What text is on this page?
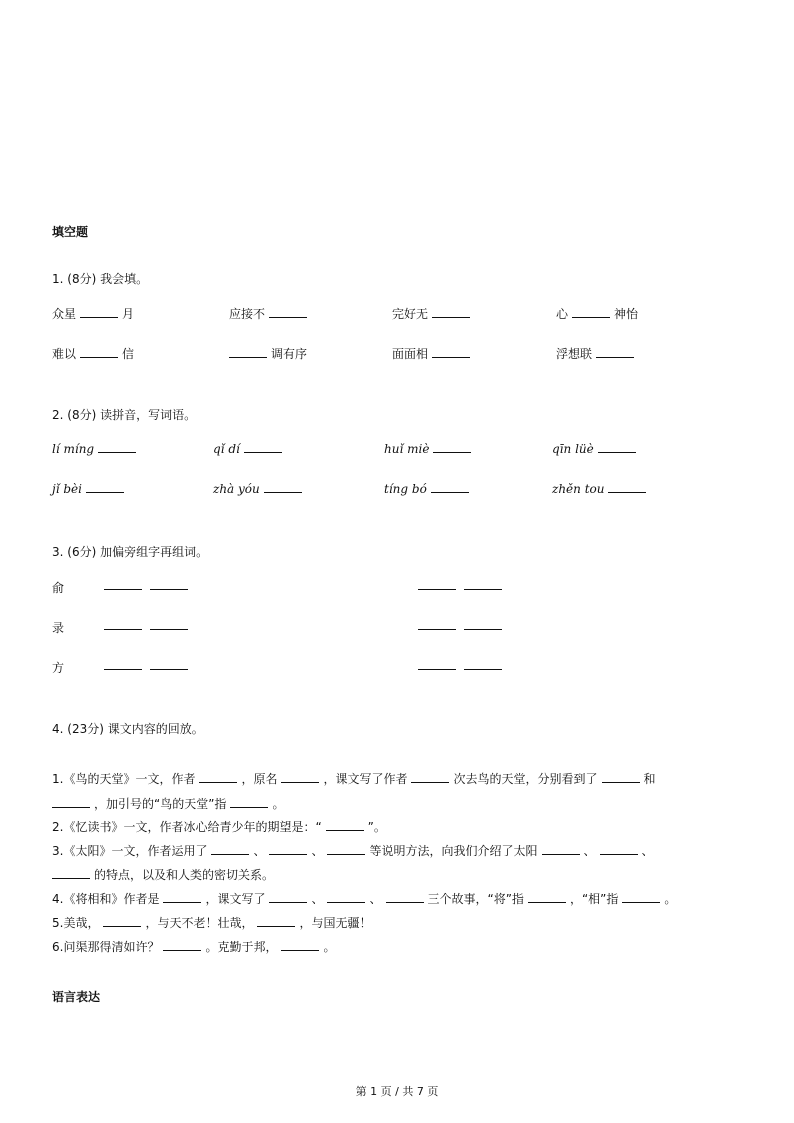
填空题
1. (8分) 我会填。
众星	月	应接不	完好无	心	神怡
难以	信	调有序	面面相	浮想联
2. (8分) 读拼音，写词语。
lí míng	qǐ dí	huǐ miè	qīn lüè
jǐ bèi	zhà yóu	tíng bó	zhěn tou
3. (6分) 加偏旁组字再组词。
俞
录
方
4. (23分) 课文内容的回放。
1.《鸟的天堂》一文，作者	，原名	，课文写了作者	次去鸟的天堂，分别看到了	和
，加引号的“鸟的天堂”指	。
2.《忆读书》一文，作者冰心给青少年的期望是：“	”。
3.《太阳》一文，作者运用了	、	、	等说明方法，向我们介绍了太阳	、	、
的特点，以及和人类的密切关系。
4.《将相和》作者是	，课文写了	、	、	三个故事，“将”指	，“相”指	。
5.美哉，	，与天不老！壮哉，	，与国无疆！
6.问渠那得清如许？	。克勤于邦，	。
语言表达
第 1 页 / 共 7 页
